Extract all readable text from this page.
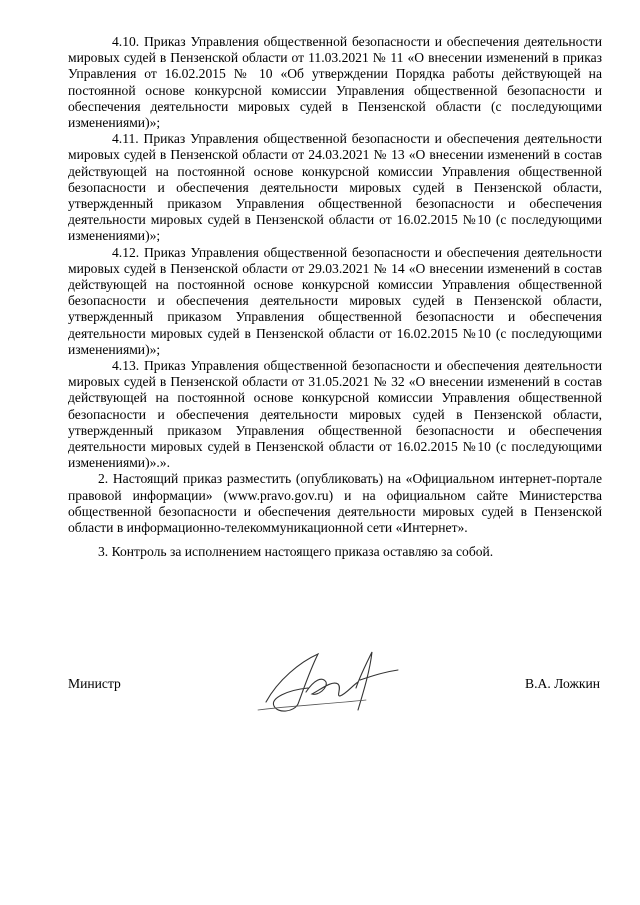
4.10. Приказ Управления общественной безопасности и обеспечения деятельности мировых судей в Пензенской области от 11.03.2021 № 11 «О внесении изменений в приказ Управления от 16.02.2015 № 10 «Об утверждении Порядка работы действующей на постоянной основе конкурсной комиссии Управления общественной безопасности и обеспечения деятельности мировых судей в Пензенской области (с последующими изменениями)»;

4.11. Приказ Управления общественной безопасности и обеспечения деятельности мировых судей в Пензенской области от 24.03.2021 № 13 «О внесении изменений в состав действующей на постоянной основе конкурсной комиссии Управления общественной безопасности и обеспечения деятельности мировых судей в Пензенской области, утвержденный приказом Управления общественной безопасности и обеспечения деятельности мировых судей в Пензенской области от 16.02.2015 №10 (с последующими изменениями)»;

4.12. Приказ Управления общественной безопасности и обеспечения деятельности мировых судей в Пензенской области от 29.03.2021 № 14 «О внесении изменений в состав действующей на постоянной основе конкурсной комиссии Управления общественной безопасности и обеспечения деятельности мировых судей в Пензенской области, утвержденный приказом Управления общественной безопасности и обеспечения деятельности мировых судей в Пензенской области от 16.02.2015 №10 (с последующими изменениями)»;

4.13. Приказ Управления общественной безопасности и обеспечения деятельности мировых судей в Пензенской области от 31.05.2021 № 32 «О внесении изменений в состав действующей на постоянной основе конкурсной комиссии Управления общественной безопасности и обеспечения деятельности мировых судей в Пензенской области, утвержденный приказом Управления общественной безопасности и обеспечения деятельности мировых судей в Пензенской области от 16.02.2015 №10 (с последующими изменениями)».».

2. Настоящий приказ разместить (опубликовать) на «Официальном интернет-портале правовой информации» (www.pravo.gov.ru) и на официальном сайте Министерства общественной безопасности и обеспечения деятельности мировых судей в Пензенской области в информационно-телекоммуникационной сети «Интернет».

3. Контроль за исполнением настоящего приказа оставляю за собой.

Министр	В.А. Ложкин
